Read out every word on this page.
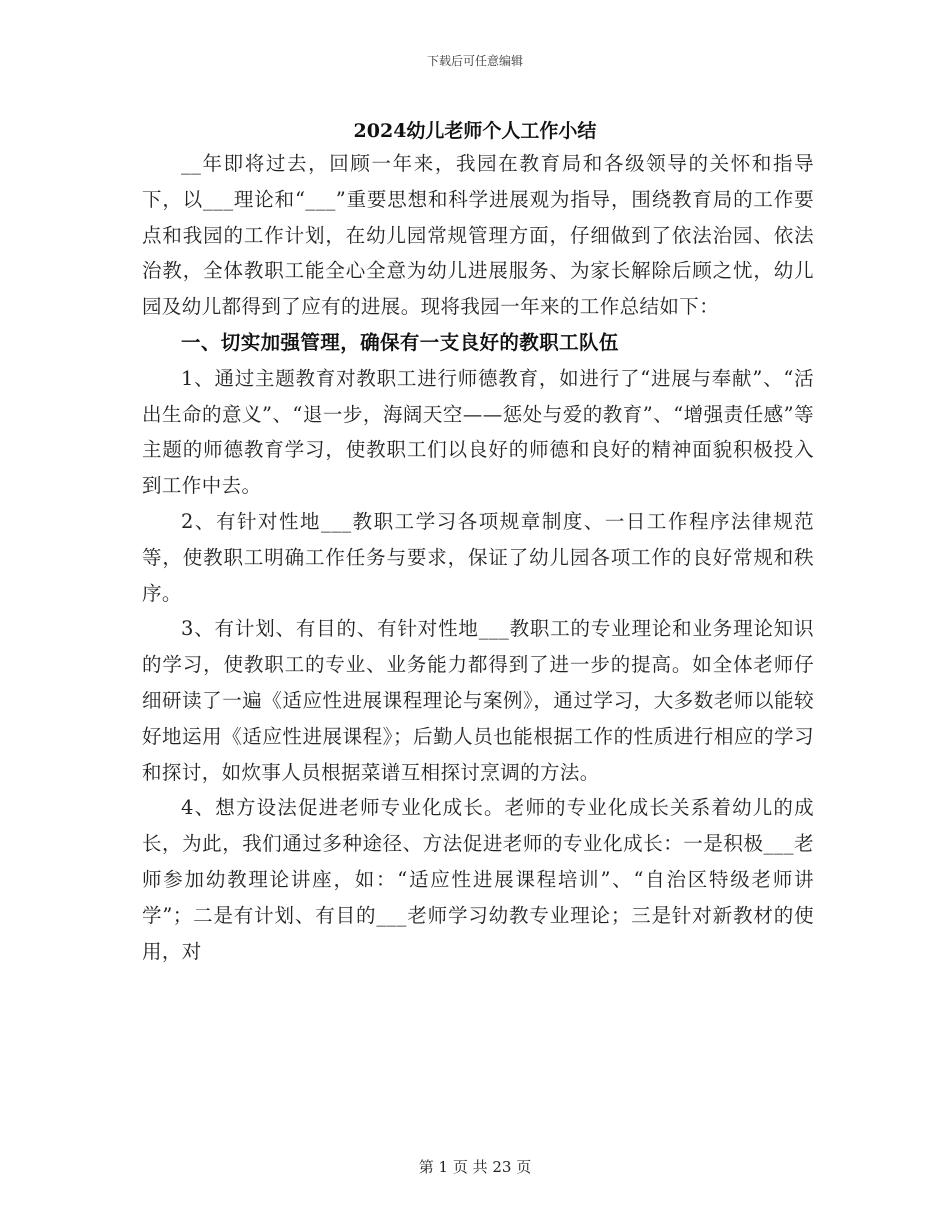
下载后可任意编辑
2024幼儿老师个人工作小结

__年即将过去，回顾一年来，我园在教育局和各级领导的关怀和指导下，以___理论和“___”重要思想和科学进展观为指导，围绕教育局的工作要点和我园的工作计划，在幼儿园常规管理方面，仔细做到了依法治园、依法治教，全体教职工能全心全意为幼儿进展服务、为家长解除后顾之忧，幼儿园及幼儿都得到了应有的进展。现将我园一年来的工作总结如下：

一、切实加强管理，确保有一支良好的教职工队伍

1、通过主题教育对教职工进行师德教育，如进行了“进展与奉献”、“活出生命的意义”、“退一步，海阔天空——惩处与爱的教育”、“增强责任感”等主题的师德教育学习，使教职工们以良好的师德和良好的精神面貌积极投入到工作中去。

2、有针对性地___教职工学习各项规章制度、一日工作程序法律规范等，使教职工明确工作任务与要求，保证了幼儿园各项工作的良好常规和秩序。

3、有计划、有目的、有针对性地___教职工的专业理论和业务理论知识的学习，使教职工的专业、业务能力都得到了进一步的提高。如全体老师仔细研读了一遍《适应性进展课程理论与案例》，通过学习，大多数老师以能较好地运用《适应性进展课程》；后勤人员也能根据工作的性质进行相应的学习和探讨，如炊事人员根据菜谱互相探讨烹调的方法。

4、想方设法促进老师专业化成长。老师的专业化成长关系着幼儿的成长，为此，我们通过多种途径、方法促进老师的专业化成长：一是积极___老师参加幼教理论讲座，如：“适应性进展课程培训”、“自治区特级老师讲学”；二是有计划、有目的___老师学习幼教专业理论；三是针对新教材的使用，对

第 1 页 共 23 页
